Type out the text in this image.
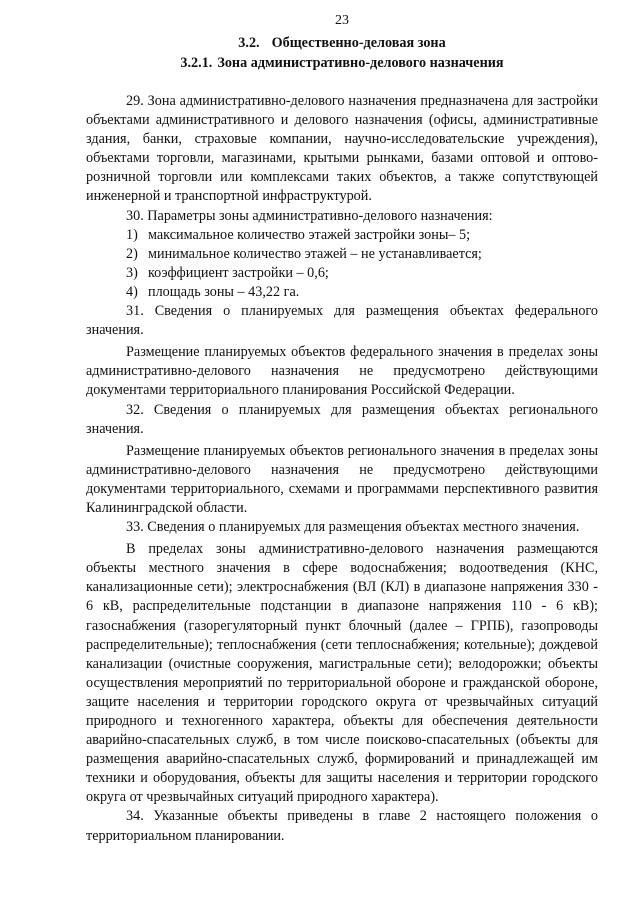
23
3.2. Общественно-деловая зона
3.2.1. Зона административно-делового назначения

29. Зона административно-делового назначения предназначена для застройки объектами административного и делового назначения (офисы, административные здания, банки, страховые компании, научно-исследовательские учреждения), объектами торговли, магазинами, крытыми рынками, базами оптовой и оптово-розничной торговли или комплексами таких объектов, а также сопутствующей инженерной и транспортной инфраструктурой.

30. Параметры зоны административно-делового назначения:

1) максимальное количество этажей застройки зоны– 5;
2) минимальное количество этажей – не устанавливается;
3) коэффициент застройки – 0,6;
4) площадь зоны – 43,22 га.

31. Сведения о планируемых для размещения объектах федерального значения.

Размещение планируемых объектов федерального значения в пределах зоны административно-делового назначения не предусмотрено действующими документами территориального планирования Российской Федерации.

32. Сведения о планируемых для размещения объектах регионального значения.

Размещение планируемых объектов регионального значения в пределах зоны административно-делового назначения не предусмотрено действующими документами территориального, схемами и программами перспективного развития Калининградской области.

33. Сведения о планируемых для размещения объектах местного значения.

В пределах зоны административно-делового назначения размещаются объекты местного значения в сфере водоснабжения; водоотведения (КНС, канализационные сети); электроснабжения (ВЛ (КЛ) в диапазоне напряжения 330 - 6 кВ, распределительные подстанции в диапазоне напряжения 110 - 6 кВ); газоснабжения (газорегуляторный пункт блочный (далее – ГРПБ), газопроводы распределительные); теплоснабжения (сети теплоснабжения; котельные); дождевой канализации (очистные сооружения, магистральные сети); велодорожки; объекты осуществления мероприятий по территориальной обороне и гражданской обороне, защите населения и территории городского округа от чрезвычайных ситуаций природного и техногенного характера, объекты для обеспечения деятельности аварийно-спасательных служб, в том числе поисково-спасательных (объекты для размещения аварийно-спасательных служб, формирований и принадлежащей им техники и оборудования, объекты для защиты населения и территории городского округа от чрезвычайных ситуаций природного характера).

34. Указанные объекты приведены в главе 2 настоящего положения о территориальном планировании.
